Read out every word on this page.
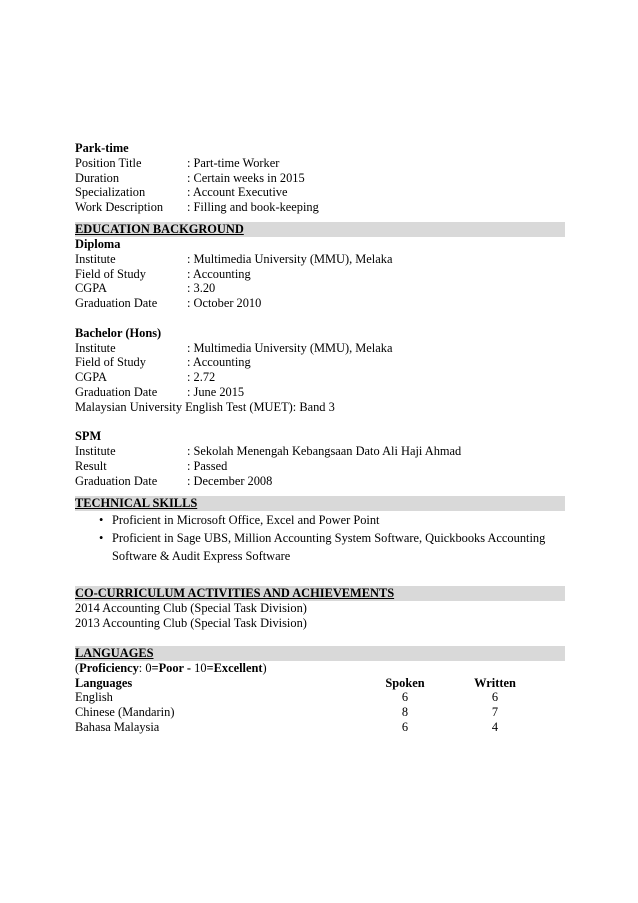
Park-time
Position Title	: Part-time Worker
Duration	: Certain weeks in 2015
Specialization	: Account Executive
Work Description	: Filling and book-keeping
EDUCATION BACKGROUND
Diploma
Institute	: Multimedia University (MMU), Melaka
Field of Study	: Accounting
CGPA	: 3.20
Graduation Date	: October 2010
Bachelor (Hons)
Institute	: Multimedia University (MMU), Melaka
Field of Study	: Accounting
CGPA	: 2.72
Graduation Date	: June 2015
Malaysian University English Test (MUET): Band 3
SPM
Institute	: Sekolah Menengah Kebangsaan Dato Ali Haji Ahmad
Result	: Passed
Graduation Date	: December 2008
TECHNICAL SKILLS
• Proficient in Microsoft Office, Excel and Power Point
• Proficient in Sage UBS, Million Accounting System Software, Quickbooks Accounting
Software & Audit Express Software
CO-CURRICULUM ACTIVITIES AND ACHIEVEMENTS
2014 Accounting Club (Special Task Division)
2013 Accounting Club (Special Task Division)
LANGUAGES
(Proficiency: 0=Poor - 10=Excellent)
Languages	Spoken	Written
English	6	6
Chinese (Mandarin)	8	7
Bahasa Malaysia	6	4
